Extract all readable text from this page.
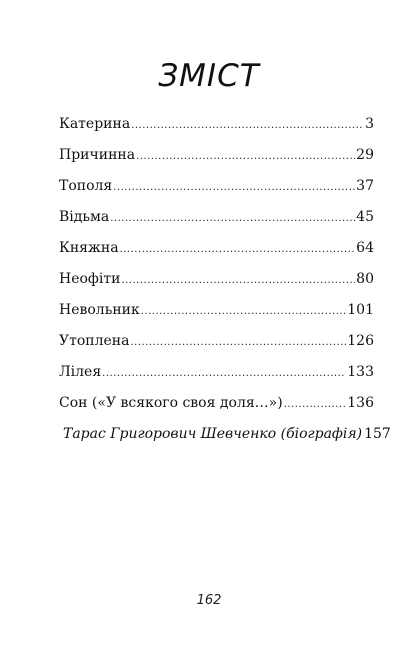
ЗМІСТ
Катерина .....	3
Причинна .....	29
Тополя .....	37
Відьма .....	45
Княжна .....	64
Неофіти .....	80
Невольник .....	101
Утоплена .....	126
Лілея .....	133
Сон («У всякого своя доля…») .....	136
Тарас Григорович Шевченко (біографія) 157
162
